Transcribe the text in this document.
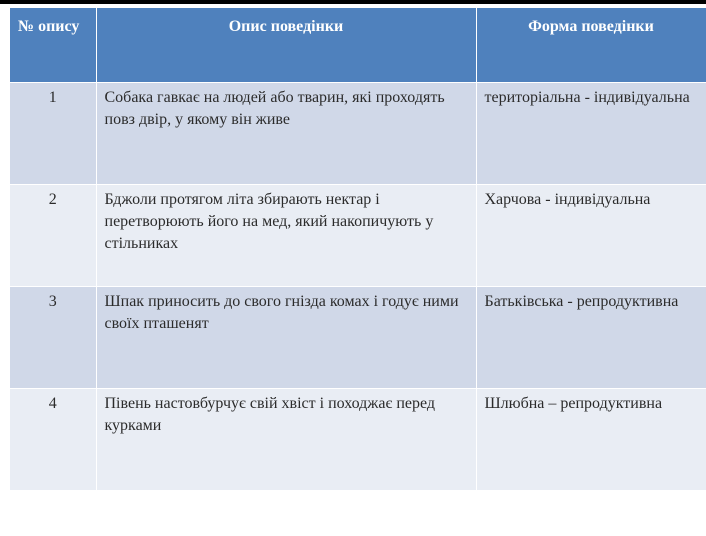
№ опису	Опис поведінки	Форма поведінки
1	Собака гавкає на людей або тварин, які проходять повз двір, у якому він живе	територіальна - індивідуальна
2	Бджоли протягом літа збирають нектар і перетворюють його на мед, який накопичують у стільниках	Харчова - індивідуальна
3	Шпак приносить до свого гнізда комах і годує ними своїх пташенят	Батьківська - репродуктивна
4	Півень настовбурчує свій хвіст і походжає перед курками	Шлюбна – репродуктивна
